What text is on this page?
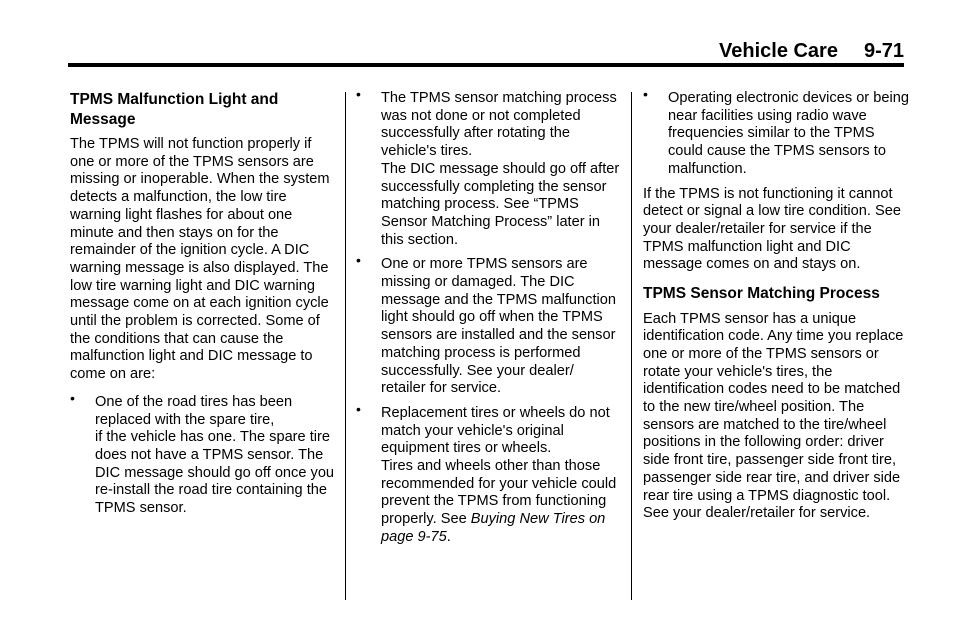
Vehicle Care 9-71
TPMS Malfunction Light and Message

The TPMS will not function properly if one or more of the TPMS sensors are missing or inoperable. When the system detects a malfunction, the low tire warning light flashes for about one minute and then stays on for the remainder of the ignition cycle. A DIC warning message is also displayed. The low tire warning light and DIC warning message come on at each ignition cycle until the problem is corrected. Some of the conditions that can cause the malfunction light and DIC message to come on are:

• One of the road tires has been replaced with the spare tire,
if the vehicle has one. The spare tire does not have a TPMS sensor. The DIC message should go off once you re-install the road tire containing the TPMS sensor.
• The TPMS sensor matching process was not done or not completed successfully after rotating the vehicle's tires.
The DIC message should go off after successfully completing the sensor matching process. See “TPMS Sensor Matching Process” later in this section.
• One or more TPMS sensors are missing or damaged. The DIC message and the TPMS malfunction light should go off when the TPMS sensors are installed and the sensor matching process is performed successfully. See your dealer/ retailer for service.
• Replacement tires or wheels do not match your vehicle's original equipment tires or wheels.
Tires and wheels other than those recommended for your vehicle could prevent the TPMS from functioning properly. See Buying New Tires on page 9-75.
• Operating electronic devices or being near facilities using radio wave frequencies similar to the TPMS could cause the TPMS sensors to malfunction.

If the TPMS is not functioning it cannot detect or signal a low tire condition. See your dealer/retailer for service if the TPMS malfunction light and DIC message comes on and stays on.

TPMS Sensor Matching Process

Each TPMS sensor has a unique identification code. Any time you replace one or more of the TPMS sensors or rotate your vehicle's tires, the identification codes need to be matched to the new tire/wheel position. The sensors are matched to the tire/wheel positions in the following order: driver side front tire, passenger side front tire, passenger side rear tire, and driver side rear tire using a TPMS diagnostic tool. See your dealer/retailer for service.
